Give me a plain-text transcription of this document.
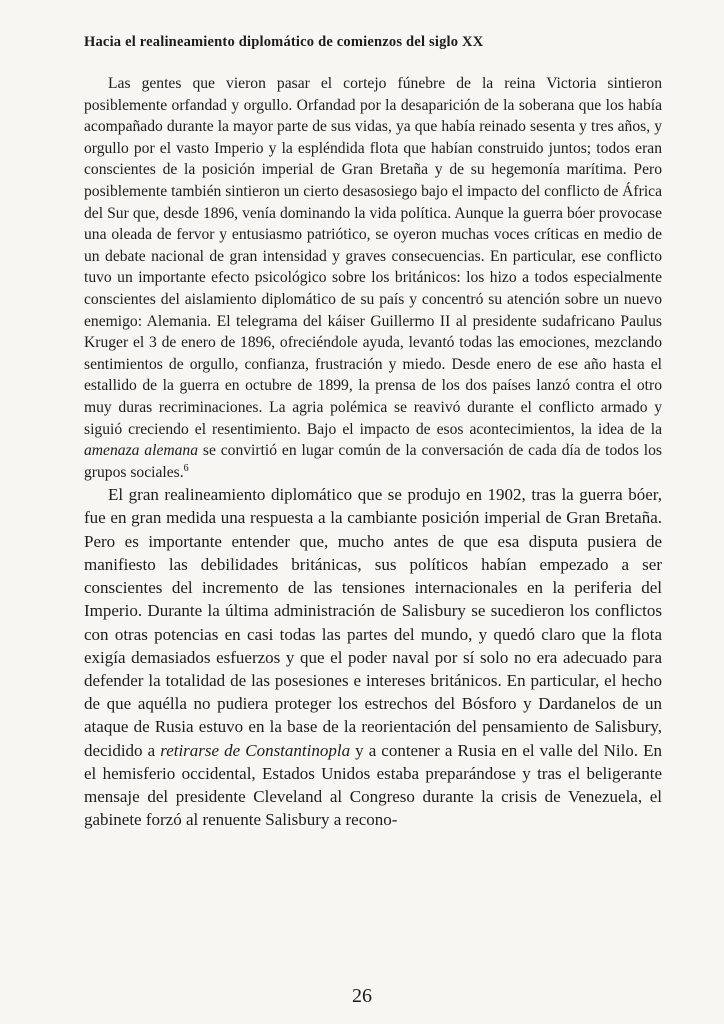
Hacia el realineamiento diplomático de comienzos del siglo XX

Las gentes que vieron pasar el cortejo fúnebre de la reina Victoria sintieron posiblemente orfandad y orgullo. Orfandad por la desaparición de la soberana que los había acompañado durante la mayor parte de sus vidas, ya que había reinado sesenta y tres años, y orgullo por el vasto Imperio y la espléndida flota que habían construido juntos; todos eran conscientes de la posición imperial de Gran Bretaña y de su hegemonía marítima. Pero posiblemente también sintieron un cierto desasosiego bajo el impacto del conflicto de África del Sur que, desde 1896, venía dominando la vida política. Aunque la guerra bóer provocase una oleada de fervor y entusiasmo patriótico, se oyeron muchas voces críticas en medio de un debate nacional de gran intensidad y graves consecuencias. En particular, ese conflicto tuvo un importante efecto psicológico sobre los británicos: los hizo a todos especialmente conscientes del aislamiento diplomático de su país y concentró su atención sobre un nuevo enemigo: Alemania. El telegrama del káiser Guillermo II al presidente sudafricano Paulus Kruger el 3 de enero de 1896, ofreciéndole ayuda, levantó todas las emociones, mezclando sentimientos de orgullo, confianza, frustración y miedo. Desde enero de ese año hasta el estallido de la guerra en octubre de 1899, la prensa de los dos países lanzó contra el otro muy duras recriminaciones. La agria polémica se reavivó durante el conflicto armado y siguió creciendo el resentimiento. Bajo el impacto de esos acontecimientos, la idea de la amenaza alemana se convirtió en lugar común de la conversación de cada día de todos los grupos sociales.$^6$

El gran realineamiento diplomático que se produjo en 1902, tras la guerra bóer, fue en gran medida una respuesta a la cambiante posición imperial de Gran Bretaña. Pero es importante entender que, mucho antes de que esa disputa pusiera de manifiesto las debilidades británicas, sus políticos habían empezado a ser conscientes del incremento de las tensiones internacionales en la periferia del Imperio. Durante la última administración de Salisbury se sucedieron los conflictos con otras potencias en casi todas las partes del mundo, y quedó claro que la flota exigía demasiados esfuerzos y que el poder naval por sí solo no era adecuado para defender la totalidad de las posesiones e intereses británicos. En particular, el hecho de que aquélla no pudiera proteger los estrechos del Bósforo y Dardanelos de un ataque de Rusia estuvo en la base de la reorientación del pensamiento de Salisbury, decidido a retirarse de Constantinopla y a contener a Rusia en el valle del Nilo. En el hemisferio occidental, Estados Unidos estaba preparándose y tras el beligerante mensaje del presidente Cleveland al Congreso durante la crisis de Venezuela, el gabinete forzó al renuente Salisbury a recono-

26
